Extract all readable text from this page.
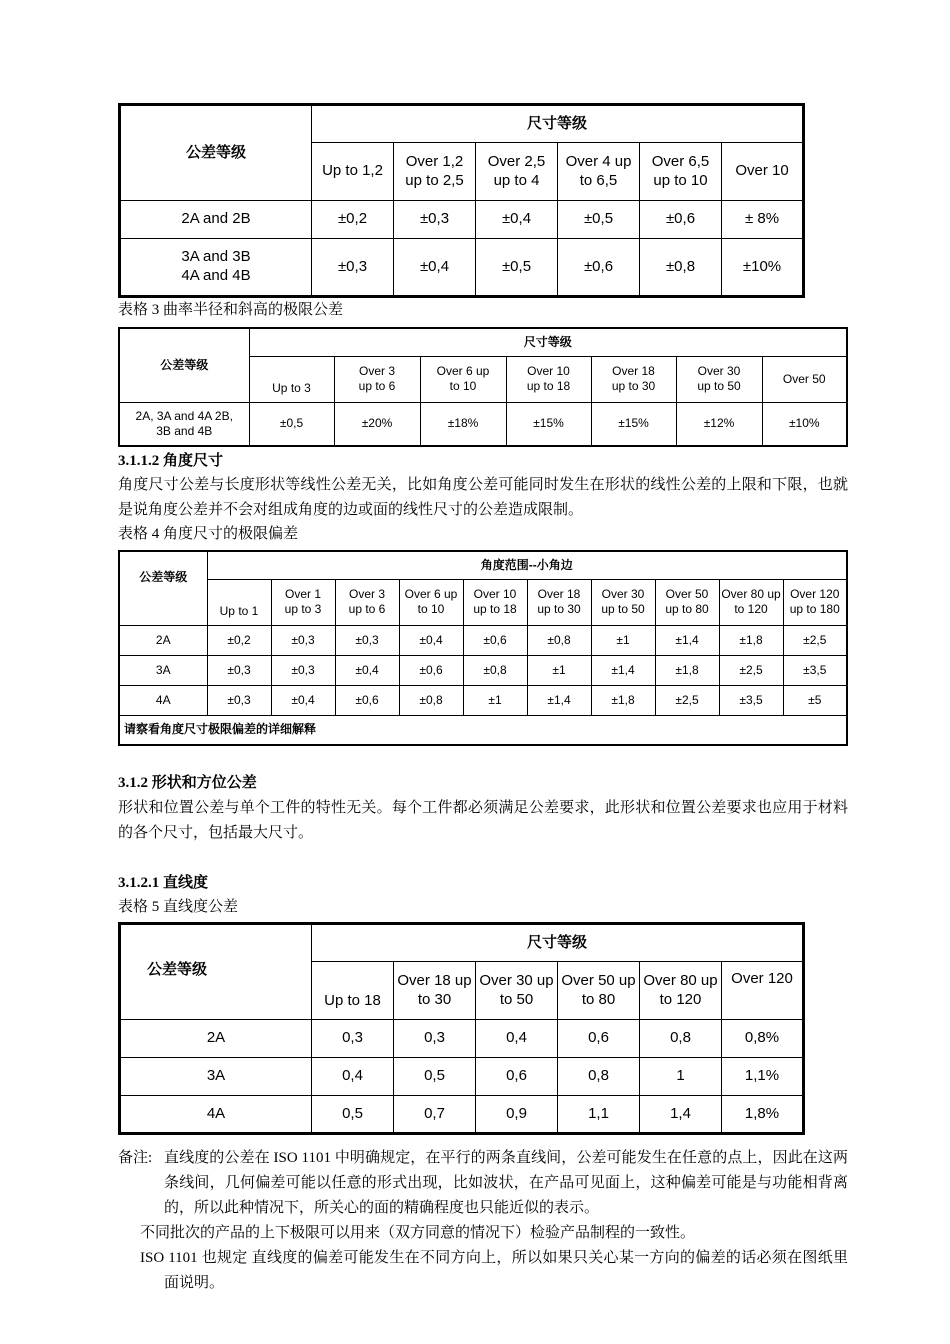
公差等级	尺寸等级					
	Up to 1,2	Over 1,2 up to 2,5	Over 2,5 up to 4	Over 4 up to 6,5	Over 6,5 up to 10	Over 10
2A and 2B	±0,2	±0,3	±0,4	±0,5	±0,6	± 8%
3A and 3B 4A and 4B	±0,3	±0,4	±0,5	±0,6	±0,8	±10%
表格 3 曲率半径和斜高的极限公差
公差等级	尺寸等级						
	Up to 3	Over 3 up to 6	Over 6 up to 10	Over 10 up to 18	Over 18 up to 30	Over 30 up to 50	Over 50
2A, 3A and 4A 2B, 3B and 4B	±0,5	±20%	±18%	±15%	±15%	±12%	±10%
3.1.1.2 角度尺寸
角度尺寸公差与长度形状等线性公差无关，比如角度公差可能同时发生在形状的线性公差的上限和下限，也就是说角度公差并不会对组成角度的边或面的线性尺寸的公差造成限制。
表格 4 角度尺寸的极限偏差
公差等级	角度范围--小角边									
	Up to 1	Over 1 up to 3	Over 3 up to 6	Over 6 up to 10	Over 10 up to 18	Over 18 up to 30	Over 30 up to 50	Over 50 up to 80	Over 80 up to 120	Over 120 up to 180
2A	±0,2	±0,3	±0,3	±0,4	±0,6	±0,8	±1	±1,4	±1,8	±2,5
3A	±0,3	±0,3	±0,4	±0,6	±0,8	±1	±1,4	±1,8	±2,5	±3,5
4A	±0,3	±0,4	±0,6	±0,8	±1	±1,4	±1,8	±2,5	±3,5	±5
请察看角度尺寸极限偏差的详细解释										
3.1.2 形状和方位公差
形状和位置公差与单个工件的特性无关。每个工件都必须满足公差要求，此形状和位置公差要求也应用于材料的各个尺寸，包括最大尺寸。
3.1.2.1 直线度
表格 5 直线度公差
公差等级	尺寸等级					
	Up to 18	Over 18 up to 30	Over 30 up to 50	Over 50 up to 80	Over 80 up to 120	Over 120
2A	0,3	0,3	0,4	0,6	0,8	0,8%
3A	0,4	0,5	0,6	0,8	1	1,1%
4A	0,5	0,7	0,9	1,1	1,4	1,8%
备注: 直线度的公差在 ISO 1101 中明确规定，在平行的两条直线间，公差可能发生在任意的点上，因此在这两条线间，几何偏差可能以任意的形式出现，比如波状，在产品可见面上，这种偏差可能是与功能相背离的，所以此种情况下，所关心的面的精确程度也只能近似的表示。
不同批次的产品的上下极限可以用来（双方同意的情况下）检验产品制程的一致性。
ISO 1101 也规定 直线度的偏差可能发生在不同方向上，所以如果只关心某一方向的偏差的话必须在图纸里面说明。
